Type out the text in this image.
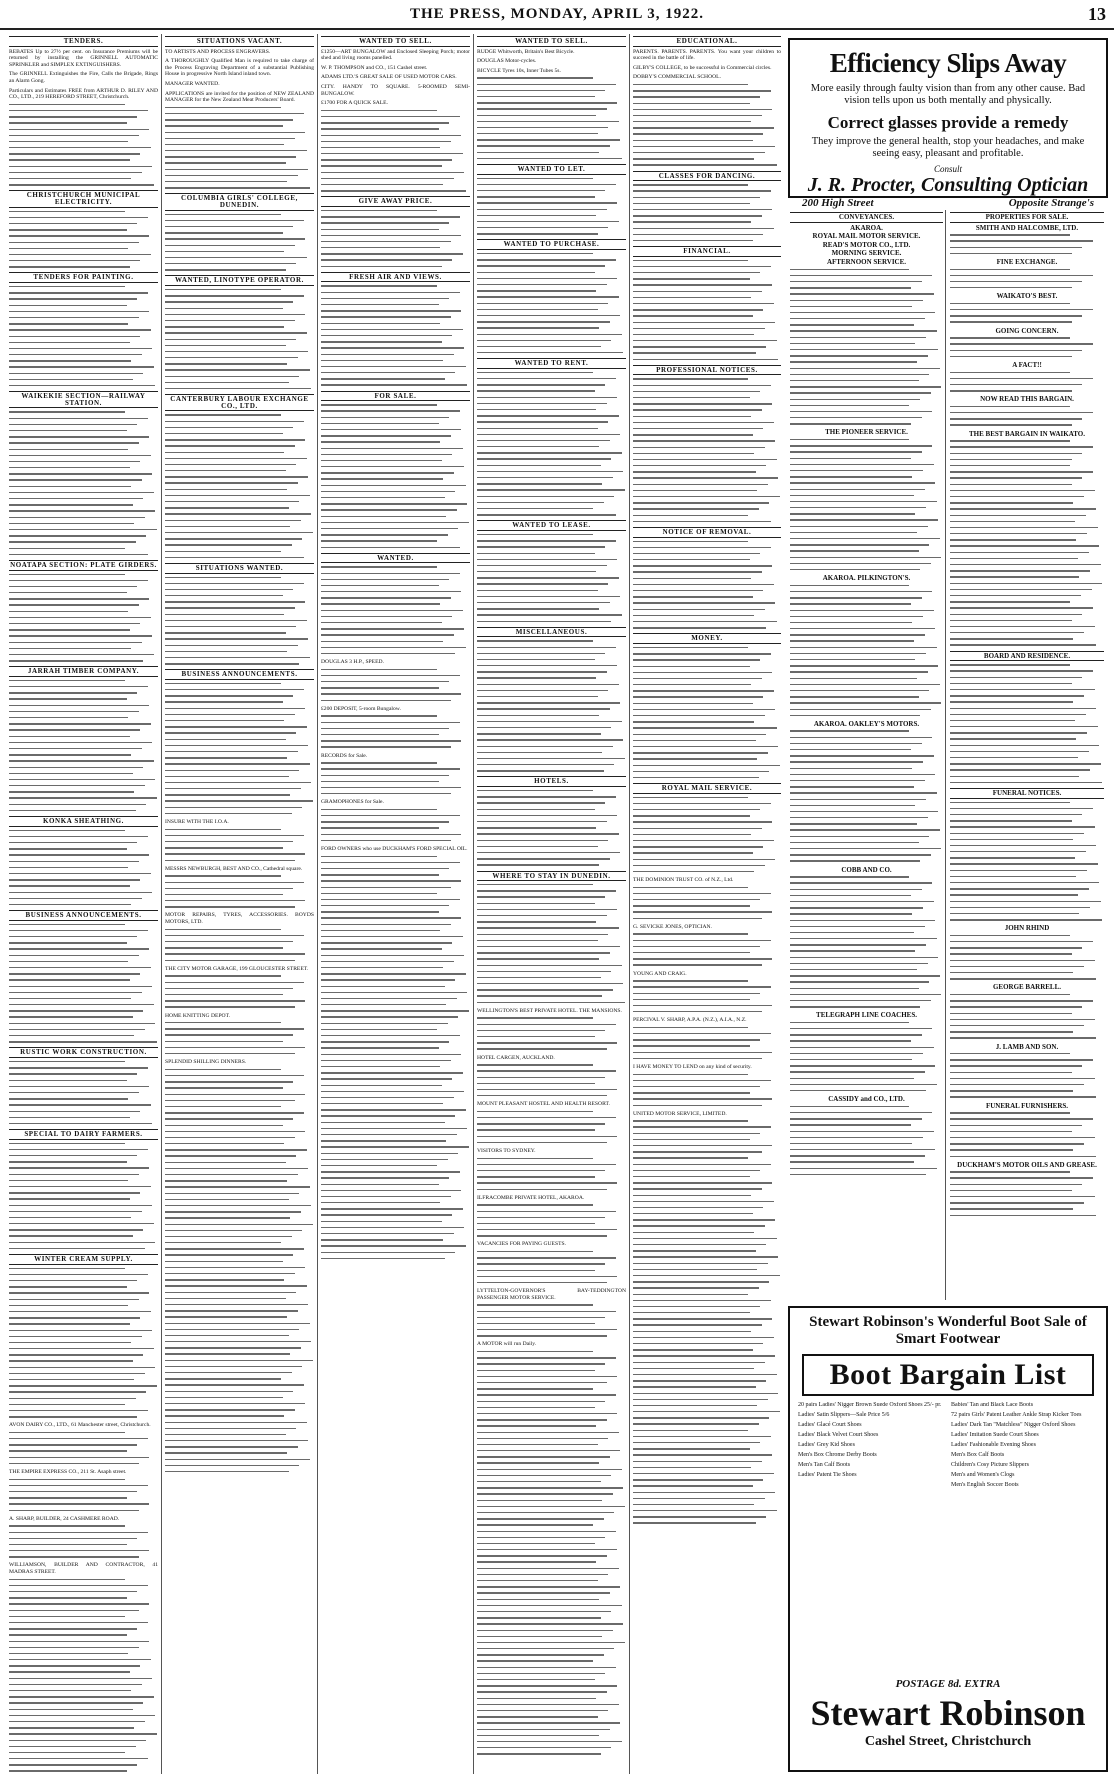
THE PRESS, MONDAY, APRIL 3, 1922.	13
TENDERS.

REBATES Up to 27½ per cent. on Insurance Premiums will be returned by installing the GRINNELL AUTOMATIC SPRINKLER and SIMPLEX EXTINGUISHERS.

The GRINNELL Extinguishes the Fire, Calls the Brigade, Rings an Alarm Gong.

Particulars and Estimates FREE from ARTHUR D. RILEY AND CO., LTD., 219 HEREFORD STREET, Christchurch.

CHRISTCHURCH MUNICIPAL ELECTRICITY.
TENDERS FOR PAINTING.
WAIKEKIE SECTION—RAILWAY STATION.
NOATAPA SECTION: PLATE GIRDERS.
JARRAH TIMBER COMPANY.
KONKA SHEATHING.
BUSINESS ANNOUNCEMENTS.
RUSTIC WORK CONSTRUCTION.
SPECIAL TO DAIRY FARMERS.
WINTER CREAM SUPPLY.

AVON DAIRY CO., LTD., 61 Manchester street, Christchurch.

THE EMPIRE EXPRESS CO., 211 St. Asaph street.

A. SHARP, BUILDER, 24 CASHMERE ROAD.

WILLIAMSON, BUILDER AND CONTRACTOR, 41 MADRAS STREET.

SITUATIONS VACANT.

TO ARTISTS AND PROCESS ENGRAVERS.

A THOROUGHLY Qualified Man is required to take charge of the Process Engraving Department of a substantial Publishing House in progressive North Island inland town.

MANAGER WANTED.

APPLICATIONS are invited for the position of NEW ZEALAND MANAGER for the New Zealand Meat Producers' Board.

COLUMBIA GIRLS' COLLEGE, DUNEDIN.
WANTED, LINOTYPE OPERATOR.
CANTERBURY LABOUR EXCHANGE CO., LTD.
SITUATIONS WANTED.
BUSINESS ANNOUNCEMENTS.

INSURE WITH THE I.O.A.

MESSRS NEWBURGH, BEST AND CO., Cathedral square.

MOTOR REPAIRS, TYRES, ACCESSORIES. BOYDS MOTORS, LTD.

THE CITY MOTOR GARAGE, 199 GLOUCESTER STREET.

HOME KNITTING DEPOT.

SPLENDID SHILLING DINNERS.

WANTED TO SELL.

£1250—ART BUNGALOW and Enclosed Sleeping Porch; motor shed and living rooms panelled.

W. P. THOMPSON and CO., 151 Cashel street.

ADAMS LTD.'S GREAT SALE OF USED MOTOR CARS.

CITY. HANDY TO SQUARE. 5-ROOMED SEMI-BUNGALOW.

£1700 FOR A QUICK SALE.

GIVE AWAY PRICE.
FRESH AIR AND VIEWS.
FOR SALE.
WANTED.

DOUGLAS 3 H.P., SPEED.

£200 DEPOSIT, 5-room Bungalow.

RECORDS for Sale.

GRAMOPHONES for Sale.

FORD OWNERS who use DUCKHAM'S FORD SPECIAL OIL.

WANTED TO SELL.

RUDGE Whitworth, Britain's Best Bicycle.

DOUGLAS Motor-cycles.

BICYCLE Tyres 10s, Inner Tubes 5s.

WANTED TO LET.
WANTED TO PURCHASE.
WANTED TO RENT.
WANTED TO LEASE.
MISCELLANEOUS.
HOTELS.
WHERE TO STAY IN DUNEDIN.

WELLINGTON'S BEST PRIVATE HOTEL. THE MANSIONS.

HOTEL CARGEN, AUCKLAND.

MOUNT PLEASANT HOSTEL AND HEALTH RESORT.

VISITORS TO SYDNEY.

ILFRACOMBE PRIVATE HOTEL, AKAROA.

VACANCIES FOR PAYING GUESTS.

LYTTELTON-GOVERNOR'S BAY-TEDDINGTON PASSENGER MOTOR SERVICE.

A MOTOR will run Daily.

EDUCATIONAL.

PARENTS. PARENTS. PARENTS. You want your children to succeed in the battle of life.

GILBY'S COLLEGE, to be successful in Commercial circles.

DOBBY'S COMMERCIAL SCHOOL.

CLASSES FOR DANCING.
FINANCIAL.
PROFESSIONAL NOTICES.
NOTICE OF REMOVAL.
MONEY.
ROYAL MAIL SERVICE.

THE DOMINION TRUST CO. of N.Z., Ltd.

G. SEVICKE JONES, OPTICIAN.

YOUNG AND CRAIG.

PERCIVAL V. SHARP, A.P.A. (N.Z.), A.I.A., N.Z.

I HAVE MONEY TO LEND on any kind of security.

UNITED MOTOR SERVICE, LIMITED.

Efficiency Slips Away
More easily through faulty vision than from any other cause. Bad vision tells upon us both mentally and physically.
Correct glasses provide a remedy
They improve the general health, stop your headaches, and make seeing easy, pleasant and profitable.
Consult
J. R. Procter, Consulting Optician
200 High Street	Opposite Strange's
CONVEYANCES.
AKAROA.
ROYAL MAIL MOTOR SERVICE.
READ'S MOTOR CO., LTD.
MORNING SERVICE.
AFTERNOON SERVICE.
THE PIONEER SERVICE.
AKAROA. PILKINGTON'S.
AKAROA. OAKLEY'S MOTORS.
COBB AND CO.
TELEGRAPH LINE COACHES.
CASSIDY and CO., LTD.
PROPERTIES FOR SALE.
SMITH AND HALCOMBE, LTD.
FINE EXCHANGE.
WAIKATO'S BEST.
GOING CONCERN.
A FACT!!
NOW READ THIS BARGAIN.
THE BEST BARGAIN IN WAIKATO.
BOARD AND RESIDENCE.
FUNERAL NOTICES.
JOHN RHIND
GEORGE BARRELL.
J. LAMB AND SON.
FUNERAL FURNISHERS.
DUCKHAM'S MOTOR OILS AND GREASE.
Stewart Robinson's Wonderful Boot Sale of Smart Footwear
Boot Bargain List
20 pairs Ladies' Nigger Brown Suede Oxford Shoes 25/- pr.
Ladies' Satin Slippers—Sale Price 5/6
Ladies' Glacé Court Shoes
Ladies' Black Velvet Court Shoes
Ladies' Grey Kid Shoes
Men's Box Chrome Derby Boots
Men's Tan Calf Boots
Ladies' Patent Tie Shoes
Babies' Tan and Black Lace Boots
72 pairs Girls' Patent Leather Ankle Strap Kicker Toes
Ladies' Dark Tan "Matchless" Nigger Oxford Shoes
Ladies' Imitation Suede Court Shoes
Ladies' Fashionable Evening Shoes
Men's Box Calf Boots
Children's Cosy Picture Slippers
Men's and Women's Clogs
Men's English Soccer Boots
POSTAGE 8d. EXTRA
Stewart Robinson
Cashel Street, Christchurch
